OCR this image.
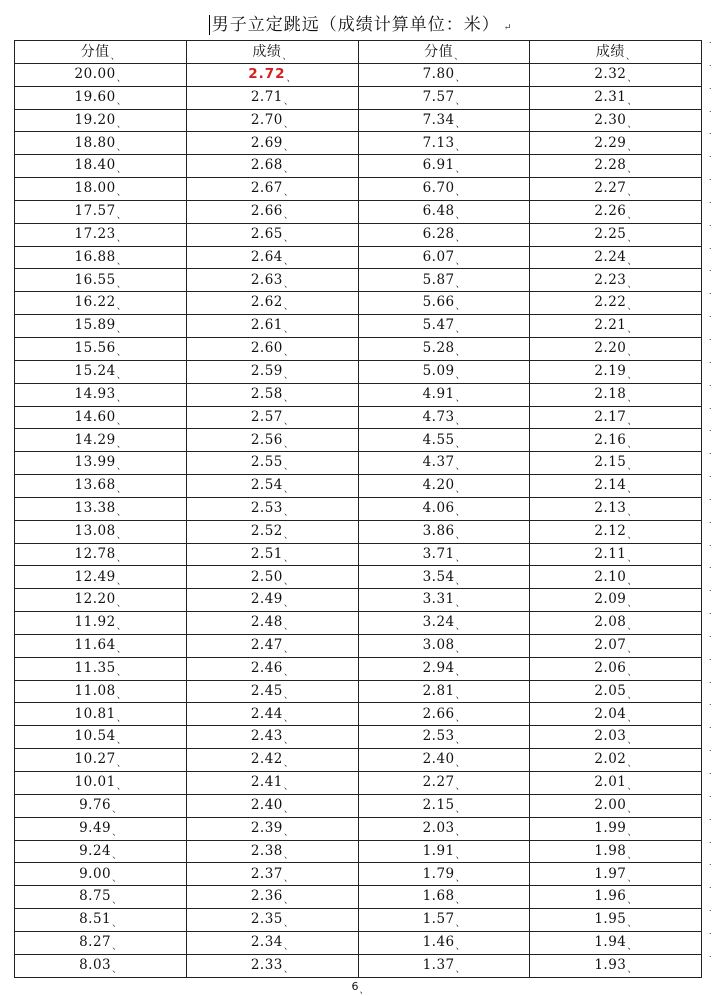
男子立定跳远（成绩计算单位：米） ↵
分值$_、$	成绩$_、$	分值$_、$	成绩$_、$
$20.00_、$	$2.72_、$	$7.80_、$	$2.32_、$
$19.60_、$	$2.71_、$	$7.57_、$	$2.31_、$
$19.20_、$	$2.70_、$	$7.34_、$	$2.30_、$
$18.80_、$	$2.69_、$	$7.13_、$	$2.29_、$
$18.40_、$	$2.68_、$	$6.91_、$	$2.28_、$
$18.00_、$	$2.67_、$	$6.70_、$	$2.27_、$
$17.57_、$	$2.66_、$	$6.48_、$	$2.26_、$
$17.23_、$	$2.65_、$	$6.28_、$	$2.25_、$
$16.88_、$	$2.64_、$	$6.07_、$	$2.24_、$
$16.55_、$	$2.63_、$	$5.87_、$	$2.23_、$
$16.22_、$	$2.62_、$	$5.66_、$	$2.22_、$
$15.89_、$	$2.61_、$	$5.47_、$	$2.21_、$
$15.56_、$	$2.60_、$	$5.28_、$	$2.20_、$
$15.24_、$	$2.59_、$	$5.09_、$	$2.19_、$
$14.93_、$	$2.58_、$	$4.91_、$	$2.18_、$
$14.60_、$	$2.57_、$	$4.73_、$	$2.17_、$
$14.29_、$	$2.56_、$	$4.55_、$	$2.16_、$
$13.99_、$	$2.55_、$	$4.37_、$	$2.15_、$
$13.68_、$	$2.54_、$	$4.20_、$	$2.14_、$
$13.38_、$	$2.53_、$	$4.06_、$	$2.13_、$
$13.08_、$	$2.52_、$	$3.86_、$	$2.12_、$
$12.78_、$	$2.51_、$	$3.71_、$	$2.11_、$
$12.49_、$	$2.50_、$	$3.54_、$	$2.10_、$
$12.20_、$	$2.49_、$	$3.31_、$	$2.09_、$
$11.92_、$	$2.48_、$	$3.24_、$	$2.08_、$
$11.64_、$	$2.47_、$	$3.08_、$	$2.07_、$
$11.35_、$	$2.46_、$	$2.94_、$	$2.06_、$
$11.08_、$	$2.45_、$	$2.81_、$	$2.05_、$
$10.81_、$	$2.44_、$	$2.66_、$	$2.04_、$
$10.54_、$	$2.43_、$	$2.53_、$	$2.03_、$
$10.27_、$	$2.42_、$	$2.40_、$	$2.02_、$
$10.01_、$	$2.41_、$	$2.27_、$	$2.01_、$
$9.76_、$	$2.40_、$	$2.15_、$	$2.00_、$
$9.49_、$	$2.39_、$	$2.03_、$	$1.99_、$
$9.24_、$	$2.38_、$	$1.91_、$	$1.98_、$
$9.00_、$	$2.37_、$	$1.79_、$	$1.97_、$
$8.75_、$	$2.36_、$	$1.68_、$	$1.96_、$
$8.51_、$	$2.35_、$	$1.57_、$	$1.95_、$
$8.27_、$	$2.34_、$	$1.46_、$	$1.94_、$
$8.03_、$	$2.33_、$	$1.37_、$	$1.93_、$
˙
˙
˙
˙
˙
˙
˙
˙
˙
˙
˙
˙
˙
˙
˙
˙
˙
˙
˙
˙
˙
˙
˙
˙
˙
˙
˙
˙
˙
˙
˙
˙
˙
˙
˙
˙
˙
˙
˙
˙
˙
$6_、$
